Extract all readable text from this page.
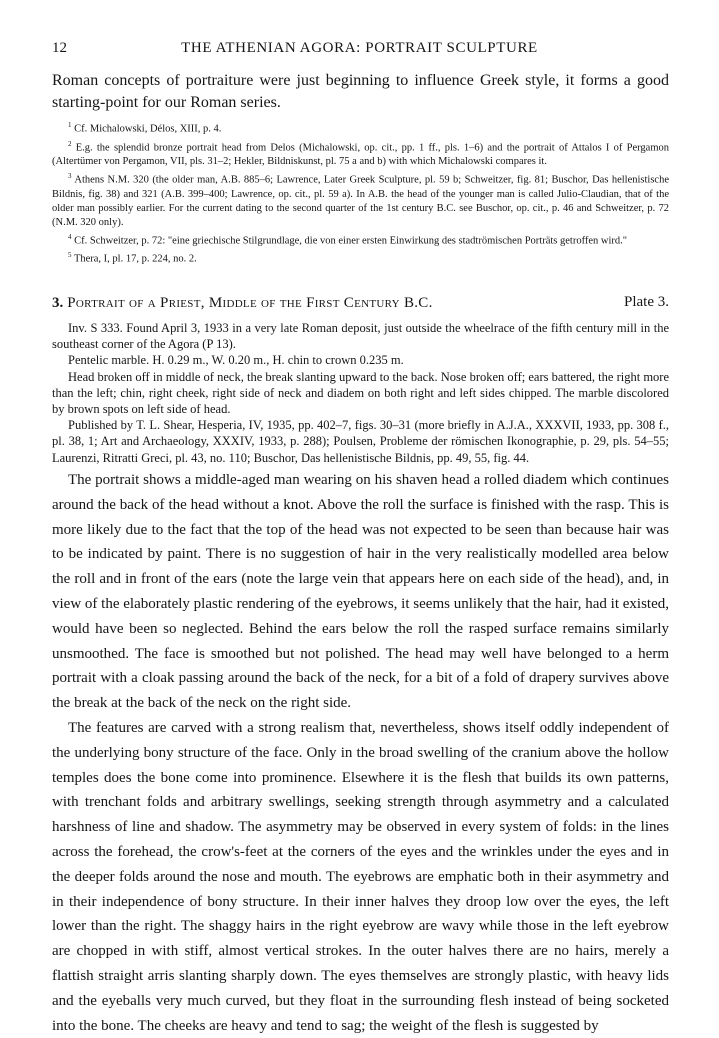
THE ATHENIAN AGORA: PORTRAIT SCULPTURE
12

Roman concepts of portraiture were just beginning to influence Greek style, it forms a good starting-point for our Roman series.

$^1$ Cf. Michalowski, Délos, XIII, p. 4.

$^2$ E.g. the splendid bronze portrait head from Delos (Michalowski, op. cit., pp. 1 ff., pls. 1–6) and the portrait of Attalos I of Pergamon (Altertümer von Pergamon, VII, pls. 31–2; Hekler, Bildniskunst, pl. 75 a and b) with which Michalowski compares it.

$^3$ Athens N.M. 320 (the older man, A.B. 885–6; Lawrence, Later Greek Sculpture, pl. 59 b; Schweitzer, fig. 81; Buschor, Das hellenistische Bildnis, fig. 38) and 321 (A.B. 399–400; Lawrence, op. cit., pl. 59 a). In A.B. the head of the younger man is called Julio-Claudian, that of the older man possibly earlier. For the current dating to the second quarter of the 1st century B.C. see Buschor, op. cit., p. 46 and Schweitzer, p. 72 (N.M. 320 only).

$^4$ Cf. Schweitzer, p. 72: "eine griechische Stilgrundlage, die von einer ersten Einwirkung des stadtrömischen Porträts getroffen wird."

$^5$ Thera, I, pl. 17, p. 224, no. 2.

3. Portrait of a Priest, Middle of the First Century B.C.	Plate 3.

Inv. S 333. Found April 3, 1933 in a very late Roman deposit, just outside the wheelrace of the fifth century mill in the southeast corner of the Agora (P 13).

Pentelic marble. H. 0.29 m., W. 0.20 m., H. chin to crown 0.235 m.

Head broken off in middle of neck, the break slanting upward to the back. Nose broken off; ears battered, the right more than the left; chin, right cheek, right side of neck and diadem on both right and left sides chipped. The marble discolored by brown spots on left side of head.

Published by T. L. Shear, Hesperia, IV, 1935, pp. 402–7, figs. 30–31 (more briefly in A.J.A., XXXVII, 1933, pp. 308 f., pl. 38, 1; Art and Archaeology, XXXIV, 1933, p. 288); Poulsen, Probleme der römischen Ikonographie, p. 29, pls. 54–55; Laurenzi, Ritratti Greci, pl. 43, no. 110; Buschor, Das hellenistische Bildnis, pp. 49, 55, fig. 44.

The portrait shows a middle-aged man wearing on his shaven head a rolled diadem which continues around the back of the head without a knot. Above the roll the surface is finished with the rasp. This is more likely due to the fact that the top of the head was not expected to be seen than because hair was to be indicated by paint. There is no suggestion of hair in the very realistically modelled area below the roll and in front of the ears (note the large vein that appears here on each side of the head), and, in view of the elaborately plastic rendering of the eyebrows, it seems unlikely that the hair, had it existed, would have been so neglected. Behind the ears below the roll the rasped surface remains similarly unsmoothed. The face is smoothed but not polished. The head may well have belonged to a herm portrait with a cloak passing around the back of the neck, for a bit of a fold of drapery survives above the break at the back of the neck on the right side.

The features are carved with a strong realism that, nevertheless, shows itself oddly independent of the underlying bony structure of the face. Only in the broad swelling of the cranium above the hollow temples does the bone come into prominence. Elsewhere it is the flesh that builds its own patterns, with trenchant folds and arbitrary swellings, seeking strength through asymmetry and a calculated harshness of line and shadow. The asymmetry may be observed in every system of folds: in the lines across the forehead, the crow's-feet at the corners of the eyes and the wrinkles under the eyes and in the deeper folds around the nose and mouth. The eyebrows are emphatic both in their asymmetry and in their independence of bony structure. In their inner halves they droop low over the eyes, the left lower than the right. The shaggy hairs in the right eyebrow are wavy while those in the left eyebrow are chopped in with stiff, almost vertical strokes. In the outer halves there are no hairs, merely a flattish straight arris slanting sharply down. The eyes themselves are strongly plastic, with heavy lids and the eyeballs very much curved, but they float in the surrounding flesh instead of being socketed into the bone. The cheeks are heavy and tend to sag; the weight of the flesh is suggested by
